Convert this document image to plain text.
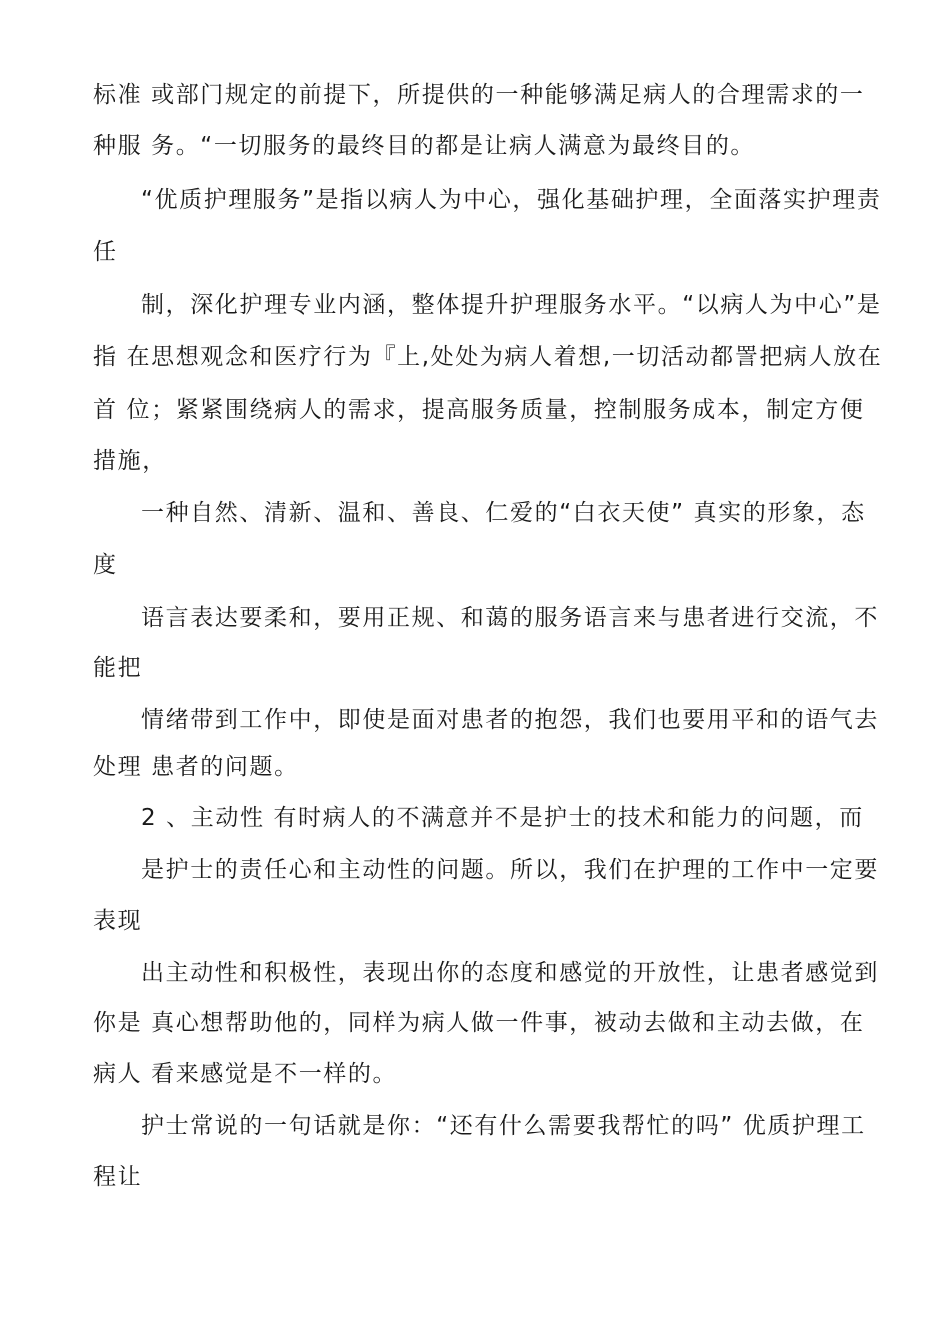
标准 或部门规定的前提下，所提供的一种能够满足病人的合理需求的一
种服 务。“一切服务的最终目的都是让病人满意为最终目的。
“优质护理服务”是指以病人为中心，强化基础护理，全面落实护理责
任
制，深化护理专业内涵，整体提升护理服务水平。“以病人为中心”是
指 在思想观念和医疗行为『上,处处为病人着想,一切活动都詈把病人放在
首 位；紧紧围绕病人的需求，提高服务质量，控制服务成本，制定方便
措施，
一种自然、清新、温和、善良、仁爱的“白衣天使” 真实的形象，态
度
语言表达要柔和，要用正规、和蔼的服务语言来与患者进行交流，不
能把
情绪带到工作中，即使是面对患者的抱怨，我们也要用平和的语气去
处理 患者的问题。
2 、主动性 有时病人的不满意并不是护士的技术和能力的问题，而
是护士的责任心和主动性的问题。所以，我们在护理的工作中一定要
表现
出主动性和积极性，表现出你的态度和感觉的开放性，让患者感觉到
你是 真心想帮助他的，同样为病人做一件事，被动去做和主动去做，在
病人 看来感觉是不一样的。
护士常说的一句话就是你：“还有什么需要我帮忙的吗” 优质护理工
程让
